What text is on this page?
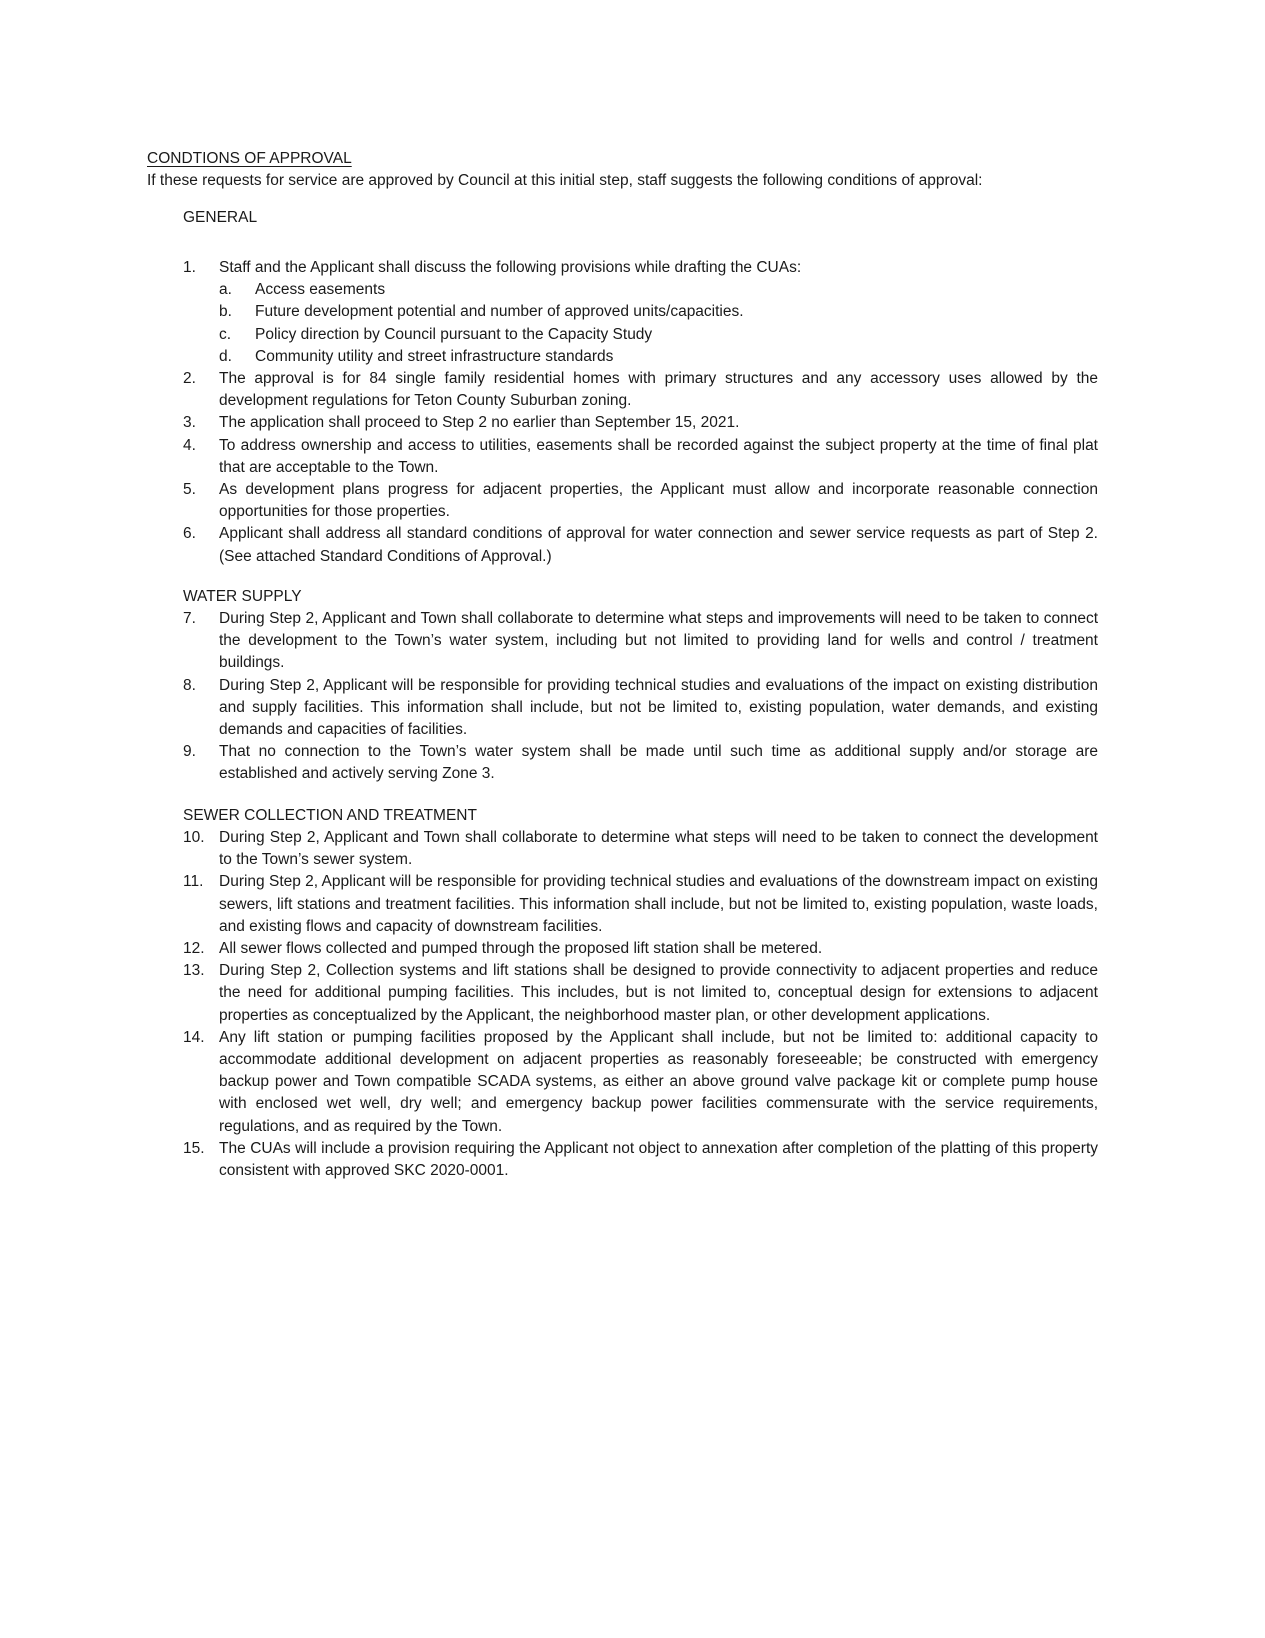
CONDTIONS OF APPROVAL
If these requests for service are approved by Council at this initial step, staff suggests the following conditions of approval:
GENERAL
1. Staff and the Applicant shall discuss the following provisions while drafting the CUAs:
a. Access easements
b. Future development potential and number of approved units/capacities.
c. Policy direction by Council pursuant to the Capacity Study
d. Community utility and street infrastructure standards
2. The approval is for 84 single family residential homes with primary structures and any accessory uses allowed by the development regulations for Teton County Suburban zoning.
3. The application shall proceed to Step 2 no earlier than September 15, 2021.
4. To address ownership and access to utilities, easements shall be recorded against the subject property at the time of final plat that are acceptable to the Town.
5. As development plans progress for adjacent properties, the Applicant must allow and incorporate reasonable connection opportunities for those properties.
6. Applicant shall address all standard conditions of approval for water connection and sewer service requests as part of Step 2. (See attached Standard Conditions of Approval.)
WATER SUPPLY
7. During Step 2, Applicant and Town shall collaborate to determine what steps and improvements will need to be taken to connect the development to the Town’s water system, including but not limited to providing land for wells and control / treatment buildings.
8. During Step 2, Applicant will be responsible for providing technical studies and evaluations of the impact on existing distribution and supply facilities. This information shall include, but not be limited to, existing population, water demands, and existing demands and capacities of facilities.
9. That no connection to the Town’s water system shall be made until such time as additional supply and/or storage are established and actively serving Zone 3.
SEWER COLLECTION AND TREATMENT
10. During Step 2, Applicant and Town shall collaborate to determine what steps will need to be taken to connect the development to the Town’s sewer system.
11. During Step 2, Applicant will be responsible for providing technical studies and evaluations of the downstream impact on existing sewers, lift stations and treatment facilities. This information shall include, but not be limited to, existing population, waste loads, and existing flows and capacity of downstream facilities.
12. All sewer flows collected and pumped through the proposed lift station shall be metered.
13. During Step 2, Collection systems and lift stations shall be designed to provide connectivity to adjacent properties and reduce the need for additional pumping facilities. This includes, but is not limited to, conceptual design for extensions to adjacent properties as conceptualized by the Applicant, the neighborhood master plan, or other development applications.
14. Any lift station or pumping facilities proposed by the Applicant shall include, but not be limited to: additional capacity to accommodate additional development on adjacent properties as reasonably foreseeable; be constructed with emergency backup power and Town compatible SCADA systems, as either an above ground valve package kit or complete pump house with enclosed wet well, dry well; and emergency backup power facilities commensurate with the service requirements, regulations, and as required by the Town.
15. The CUAs will include a provision requiring the Applicant not object to annexation after completion of the platting of this property consistent with approved SKC 2020-0001.
